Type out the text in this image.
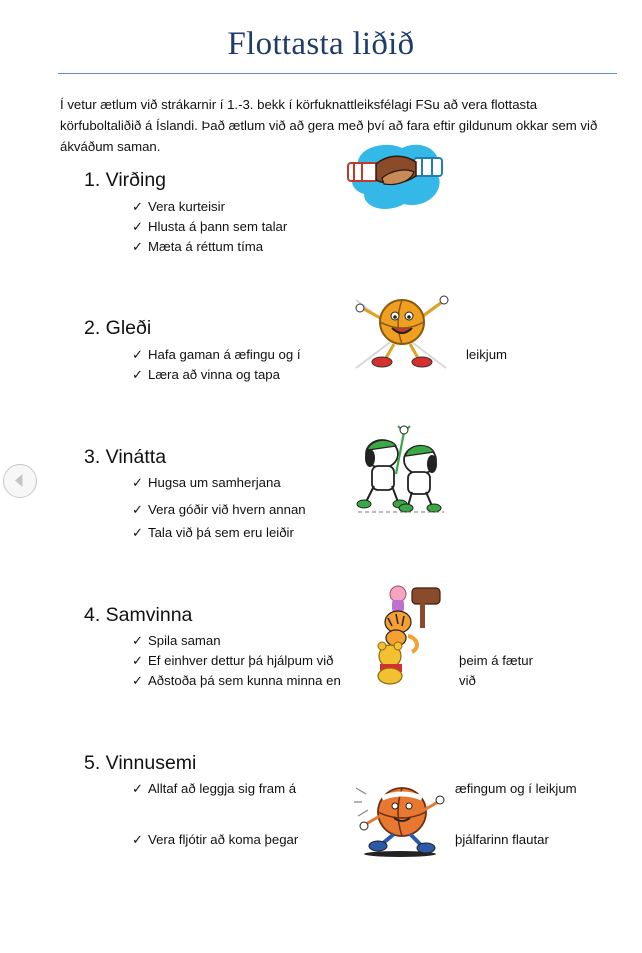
Flottasta liðið
Í vetur ætlum við strákarnir í 1.-3. bekk í körfuknattleiksfélagi FSu að vera flottasta körfuboltaliðið á Íslandi. Það ætlum við að gera með því að fara eftir gildunum okkar sem við ákváðum saman.
1. Virðing
✓ Vera kurteisir
✓ Hlusta á þann sem talar
✓ Mæta á réttum tíma
2. Gleði
✓ Hafa gaman á æfingu og í	leikjum
✓ Læra að vinna og tapa
3. Vinátta
✓ Hugsa um samherjana
✓ Vera góðir við hvern annan
✓ Tala við þá sem eru leiðir
4. Samvinna
✓ Spila saman
✓ Ef einhver dettur þá hjálpum við	þeim á fætur
✓ Aðstoða þá sem kunna minna en	við
5. Vinnusemi
✓ Alltaf að leggja sig fram á	æfingum og í leikjum
✓ Vera fljótir að koma þegar	þjálfarinn flautar
